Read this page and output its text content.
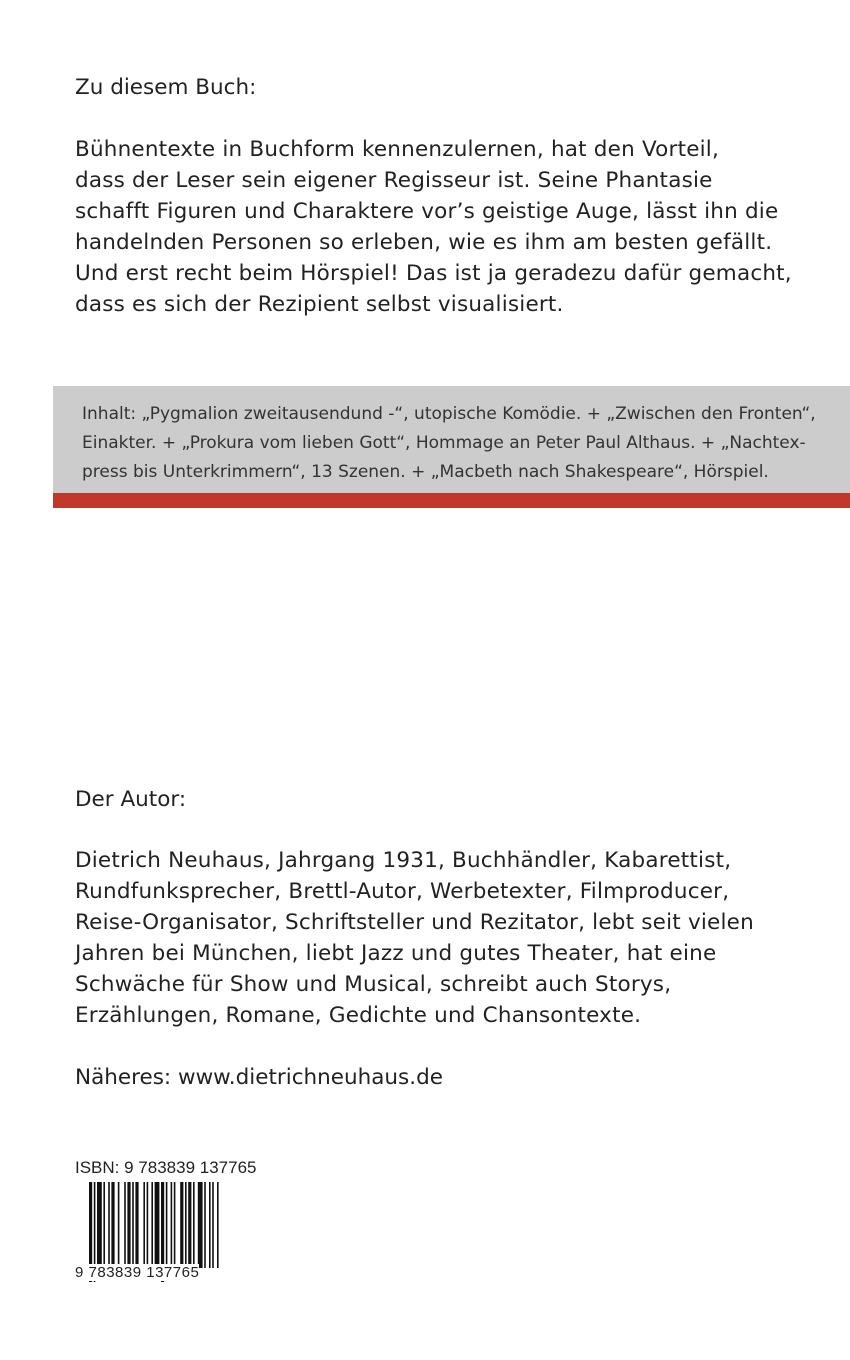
Zu diesem Buch:
Bühnentexte in Buchform kennenzulernen, hat den Vorteil,
dass der Leser sein eigener Regisseur ist. Seine Phantasie
schafft Figuren und Charaktere vor’s geistige Auge, lässt ihn die
handelnden Personen so erleben, wie es ihm am besten gefällt.
Und erst recht beim Hörspiel! Das ist ja geradezu dafür gemacht,
dass es sich der Rezipient selbst visualisiert.
Inhalt: „Pygmalion zweitausendund -“, utopische Komödie. + „Zwischen den Fronten“,
Einakter. + „Prokura vom lieben Gott“, Hommage an Peter Paul Althaus. + „Nachtex-
press bis Unterkrimmern“, 13 Szenen. + „Macbeth nach Shakespeare“, Hörspiel.
Der Autor:
Dietrich Neuhaus, Jahrgang 1931, Buchhändler, Kabarettist,
Rundfunksprecher, Brettl-Autor, Werbetexter, Filmproducer,
Reise-Organisator, Schriftsteller und Rezitator, lebt seit vielen
Jahren bei München, liebt Jazz und gutes Theater, hat eine
Schwäche für Show und Musical, schreibt auch Storys,
Erzählungen, Romane, Gedichte und Chansontexte.
Näheres: www.dietrichneuhaus.de
ISBN: 9 783839 137765
9 783839 137765
